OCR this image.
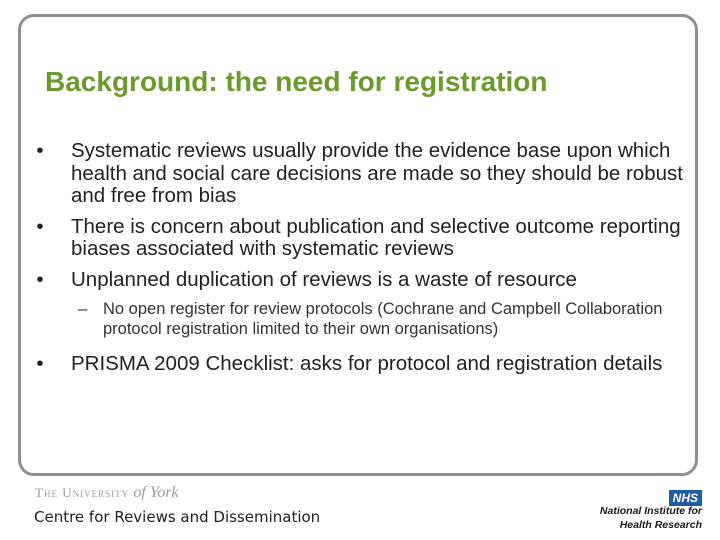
Background: the need for registration
•	Systematic reviews usually provide the evidence base upon which health and social care decisions are made so they should be robust and free from bias
•	There is concern about publication and selective outcome reporting biases associated with systematic reviews
•	Unplanned duplication of reviews is a waste of resource
– No open register for review protocols (Cochrane and Campbell Collaboration protocol registration limited to their own organisations)
•	PRISMA 2009 Checklist: asks for protocol and registration details
The University of York
Centre for Reviews and Dissemination
NHS
National Institute for
Health Research
